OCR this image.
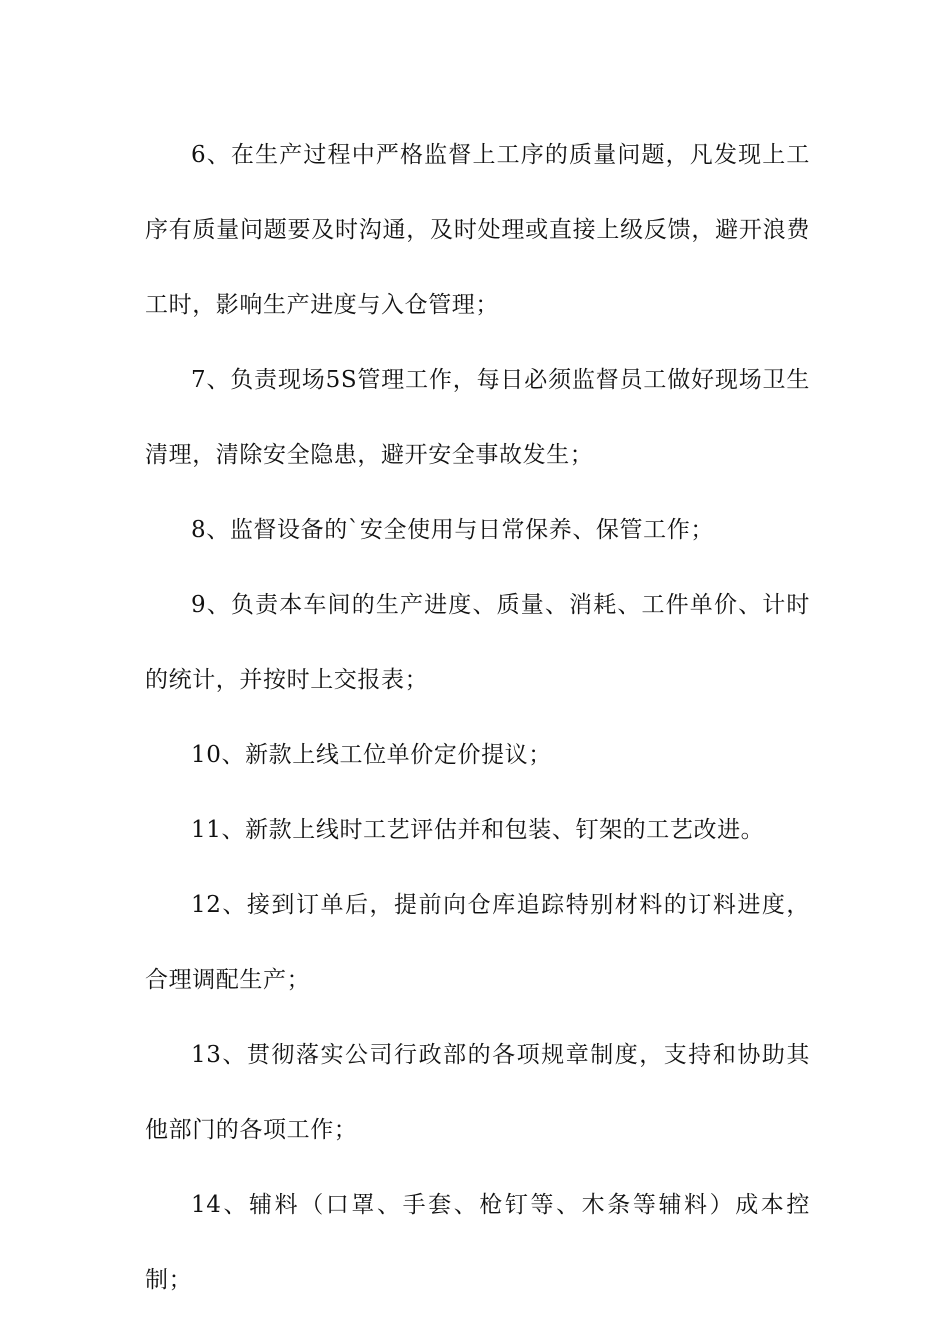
6、在生产过程中严格监督上工序的质量问题，凡发现上工序有质量问题要及时沟通，及时处理或直接上级反馈，避开浪费工时，影响生产进度与入仓管理；

7、负责现场5S管理工作，每日必须监督员工做好现场卫生清理，清除安全隐患，避开安全事故发生；

8、监督设备的`安全使用与日常保养、保管工作；

9、负责本车间的生产进度、质量、消耗、工件单价、计时的统计，并按时上交报表；

10、新款上线工位单价定价提议；

11、新款上线时工艺评估并和包装、钉架的工艺改进。

12、接到订单后，提前向仓库追踪特别材料的订料进度，合理调配生产；

13、贯彻落实公司行政部的各项规章制度，支持和协助其他部门的各项工作；

14、辅料（口罩、手套、枪钉等、木条等辅料）成本控制；
